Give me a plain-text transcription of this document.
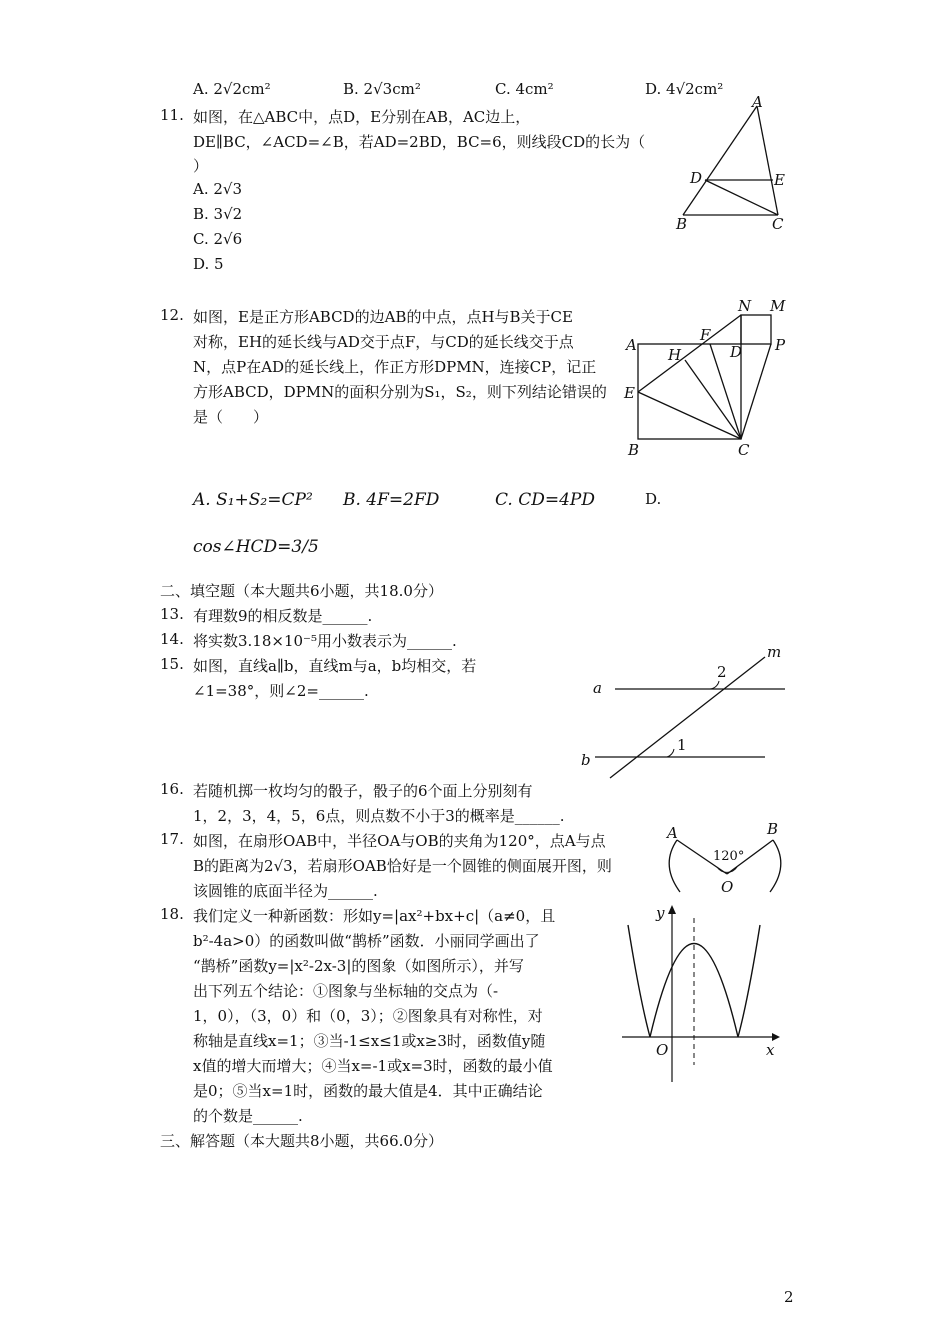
A. 2√2cm²	B. 2√3cm²	C. 4cm²	D. 4√2cm²
11. 如图，在△ABC中，点D，E分别在AB，AC边上，
DE∥BC，∠ACD=∠B，若AD=2BD，BC=6，则线段CD的长为（
）
A. 2√3
B. 3√2
C. 2√6
D. 5
A
D	E
B	C
12. 如图，E是正方形ABCD的边AB的中点，点H与B关于CE
对称，EH的延长线与AD交于点F，与CD的延长线交于点
N，点P在AD的延长线上，作正方形DPMN，连接CP，记正
方形ABCD，DPMN的面积分别为S₁，S₂，则下列结论错误的
是（　　）
N M
A
F
D P
H
E
B	C
A. S₁+S₂=CP² B. 4F=2FD	C. CD=4PD	D.
cos∠HCD=3/5
二、填空题（本大题共6小题，共18.0分）
13. 有理数9的相反数是______.
14. 将实数3.18×10⁻⁵用小数表示为______.
15. 如图，直线a∥b，直线m与a，b均相交，若
∠1=38°，则∠2=______.	a
b
m
2
1
16. 若随机掷一枚均匀的骰子，骰子的6个面上分别刻有
1，2，3，4，5，6点，则点数不小于3的概率是______.
17. 如图，在扇形OAB中，半径OA与OB的夹角为120°，点A与点
B的距离为2√3，若扇形OAB恰好是一个圆锥的侧面展开图，则
该圆锥的底面半径为______.
A	B
O
120°
18. 我们定义一种新函数：形如y=|ax²+bx+c|（a≠0，且
b²-4a>0）的函数叫做“鹊桥”函数．小丽同学画出了
“鹊桥”函数y=|x²-2x-3|的图象（如图所示），并写
出下列五个结论：①图象与坐标轴的交点为（-
1，0），（3，0）和（0，3）；②图象具有对称性，对
称轴是直线x=1；③当-1≤x≤1或x≥3时，函数值y随
x值的增大而增大；④当x=-1或x=3时，函数的最小值
是0；⑤当x=1时，函数的最大值是4．其中正确结论
的个数是______.
y
x
O
三、解答题（本大题共8小题，共66.0分）
2
